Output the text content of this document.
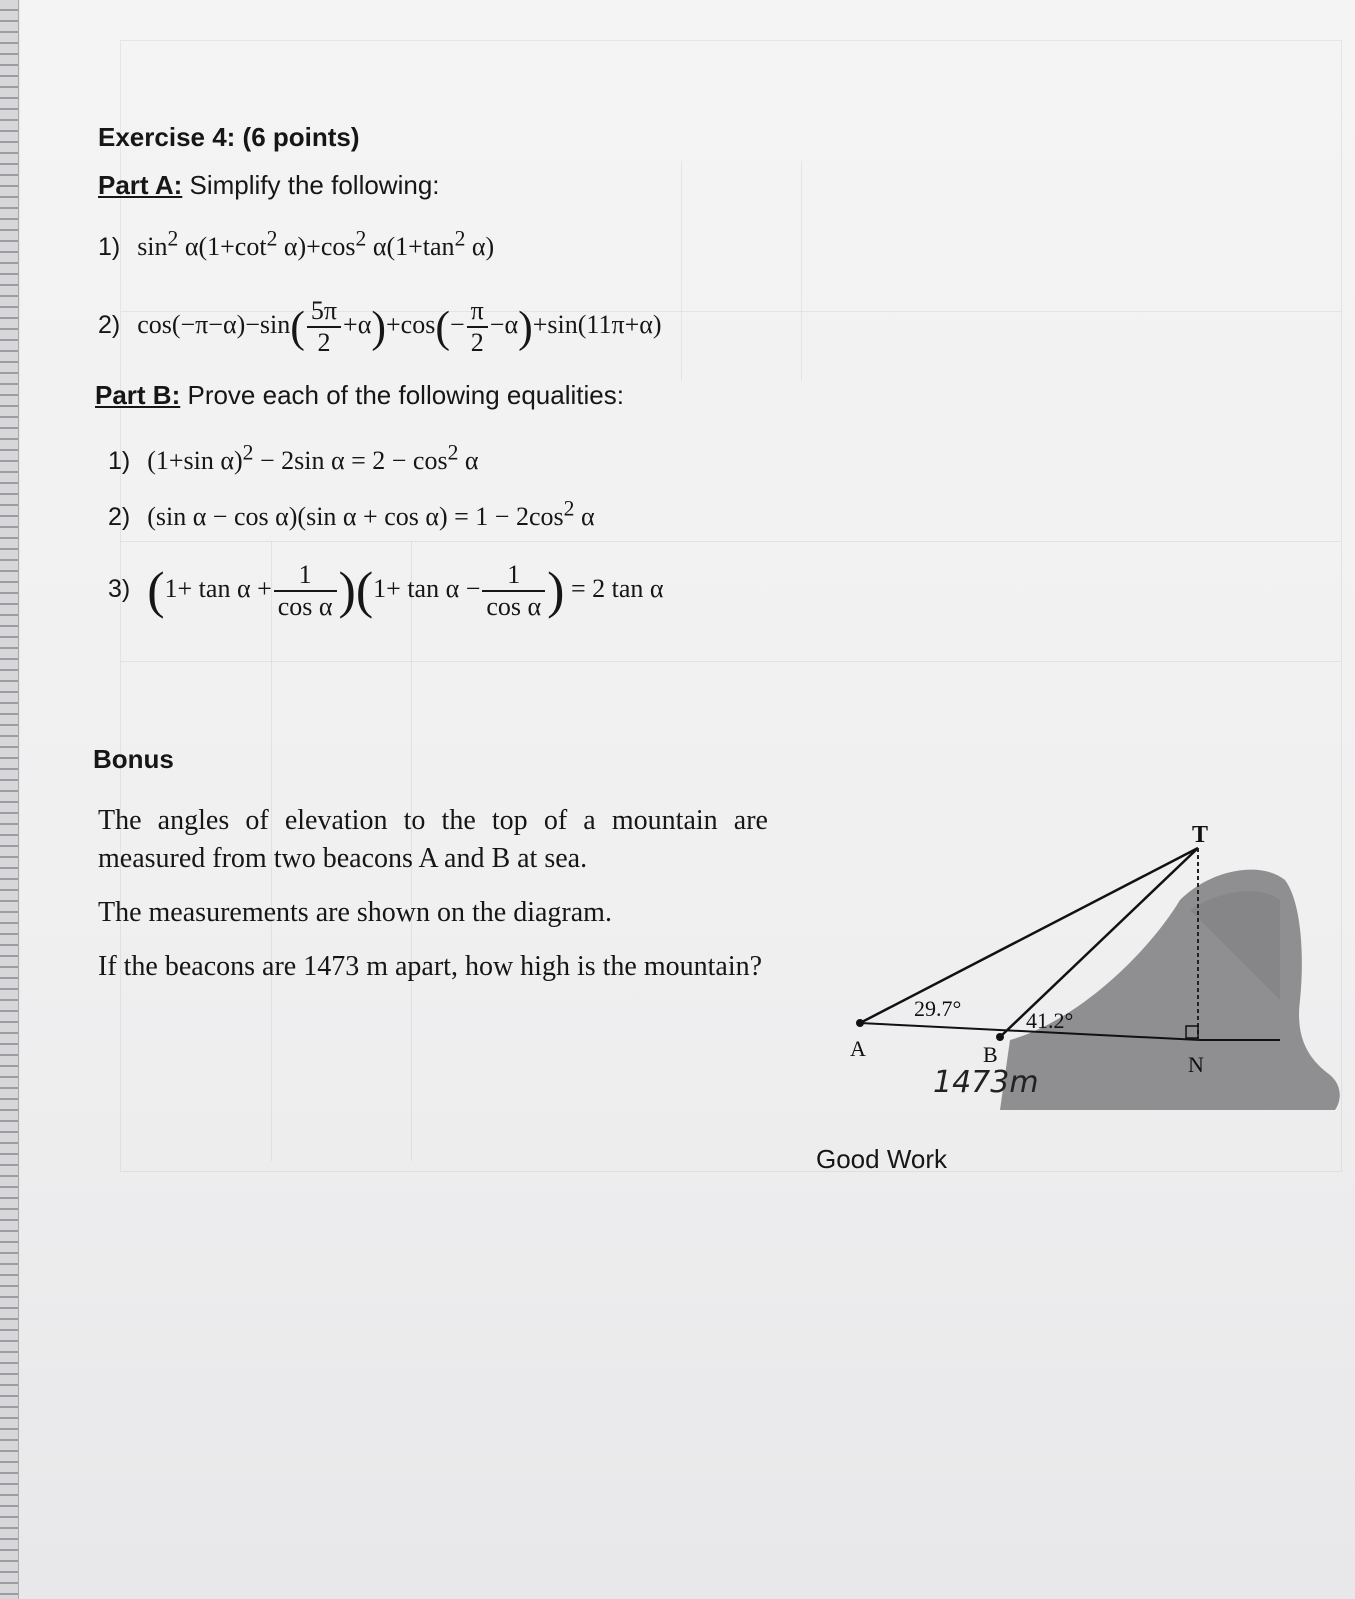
Exercise 4: (6 points)
Part A: Simplify the following:
1) $\sin^2 \alpha(1+\cot^2$ $\alpha)+\cos^2$ $\alpha(1+\tan^2$ α)
2) $\cos(-\pi-\alpha)-\sin( \frac{5\pi}{2} +\alpha)+\cos(- \frac{\pi}{2} -\alpha)+\sin(11\pi+\alpha)$
Part B: Prove each of the following equalities:
1) (1+sin α)$^2$ − 2sin $\alpha = 2 - \cos^2 \alpha$
2) (sin α − cos α)(sin $\alpha + \cos \alpha) = 1 - 2\cos^2$ α
3) $(1+ \tan \alpha + \frac{1}{\text{cos α}} )(1+ \tan \alpha - \frac{1}{\text{cos α}}$ ) = 2 tan α
Bonus
The angles of elevation to the top of a mountain are measured from two beacons A and B at sea.
The measurements are shown on the diagram.
If the beacons are 1473 m apart, how high is the mountain?
T
A	B	N
29.7°	41.2°
1473m
Good Work
